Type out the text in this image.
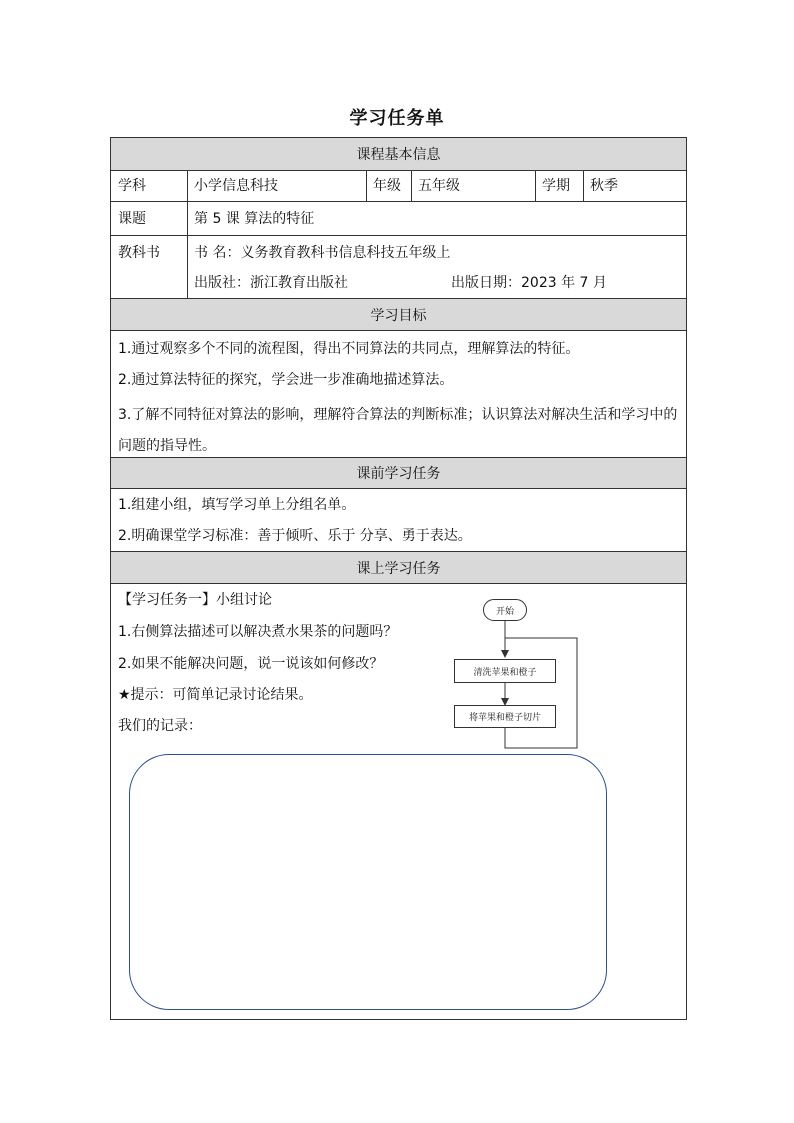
学习任务单
课程基本信息
学科	小学信息科技	年级 五年级	学期 秋季
课题	第 5 课 算法的特征
教科书 书 名：义务教育教科书信息科技五年级上
出版社：浙江教育出版社	出版日期：2023 年 7 月
学习目标
1.通过观察多个不同的流程图，得出不同算法的共同点，理解算法的特征。
2.通过算法特征的探究，学会进一步准确地描述算法。
3.了解不同特征对算法的影响，理解符合算法的判断标准；认识算法对解决生活和学习中的问题的指导性。
课前学习任务
1.组建小组，填写学习单上分组名单。
2.明确课堂学习标准：善于倾听、乐于 分享、勇于表达。
课上学习任务
【学习任务一】小组讨论
1.右侧算法描述可以解决煮水果茶的问题吗？
2.如果不能解决问题，说一说该如何修改？
★提示：可简单记录讨论结果。
我们的记录：
开始
清洗苹果和橙子
将苹果和橙子切片
